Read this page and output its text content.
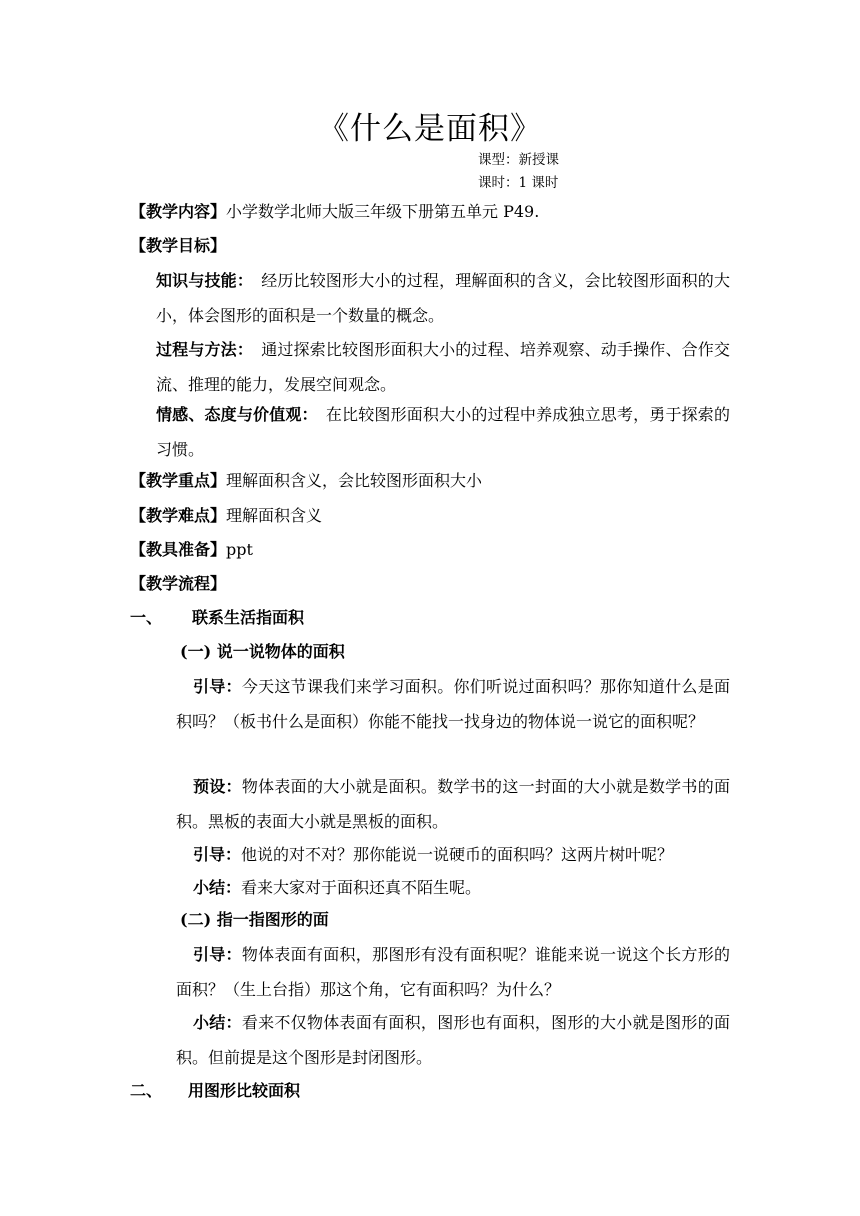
《什么是面积》
课型：新授课
课时：1 课时
【教学内容】小学数学北师大版三年级下册第五单元 P49.
【教学目标】
知识与技能：  经历比较图形大小的过程，理解面积的含义，会比较图形面积的大小，体会图形的面积是一个数量的概念。
过程与方法：  通过探索比较图形面积大小的过程、培养观察、动手操作、合作交流、推理的能力，发展空间观念。
情感、态度与价值观：  在比较图形面积大小的过程中养成独立思考，勇于探索的习惯。
【教学重点】理解面积含义，会比较图形面积大小
【教学难点】理解面积含义
【教具准备】ppt
【教学流程】
一、 联系生活指面积
(一) 说一说物体的面积
引导：今天这节课我们来学习面积。你们听说过面积吗？那你知道什么是面积吗？（板书什么是面积）你能不能找一找身边的物体说一说它的面积呢？
预设：物体表面的大小就是面积。数学书的这一封面的大小就是数学书的面积。黑板的表面大小就是黑板的面积。
引导：他说的对不对？那你能说一说硬币的面积吗？这两片树叶呢？
小结：看来大家对于面积还真不陌生呢。
(二) 指一指图形的面
引导：物体表面有面积，那图形有没有面积呢？谁能来说一说这个长方形的面积？（生上台指）那这个角，它有面积吗？为什么？
小结：看来不仅物体表面有面积，图形也有面积，图形的大小就是图形的面积。但前提是这个图形是封闭图形。
二、 用图形比较面积
